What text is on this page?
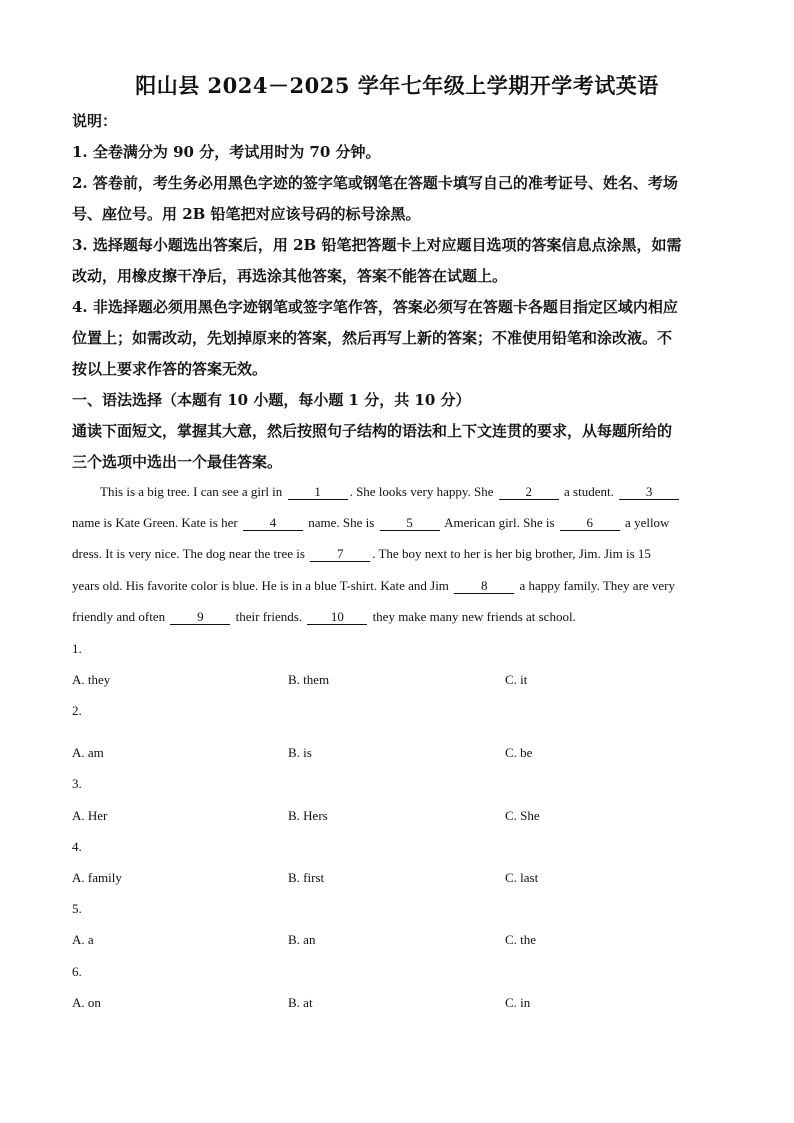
阳山县 2024－2025 学年七年级上学期开学考试英语
说明：
1. 全卷满分为 90 分，考试用时为 70 分钟。
2. 答卷前，考生务必用黑色字迹的签字笔或钢笔在答题卡填写自己的准考证号、姓名、考场
号、座位号。用 2B 铅笔把对应该号码的标号涂黑。
3. 选择题每小题选出答案后，用 2B 铅笔把答题卡上对应题目选项的答案信息点涂黑，如需
改动，用橡皮擦干净后，再选涂其他答案，答案不能答在试题上。
4. 非选择题必须用黑色字迹钢笔或签字笔作答，答案必须写在答题卡各题目指定区域内相应
位置上；如需改动，先划掉原来的答案，然后再写上新的答案；不准使用铅笔和涂改液。不
按以上要求作答的答案无效。
一、语法选择（本题有 10 小题，每小题 1 分，共 10 分）
通读下面短文，掌握其大意，然后按照句子结构的语法和上下文连贯的要求，从每题所给的
三个选项中选出一个最佳答案。
This is a big tree. I can see a girl in 1 . She looks very happy. She 2 a student. 3
name is Kate Green. Kate is her 4 name. She is 5 American girl. She is 6 a yellow
dress. It is very nice. The dog near the tree is 7 . The boy next to her is her big brother, Jim. Jim is 15
years old. His favorite color is blue. He is in a blue T-shirt. Kate and Jim 8 a happy family. They are very
friendly and often 9 their friends. 10 they make many new friends at school.
1.
A. they	B. them	C. it
2.
A. am	B. is	C. be
3.
A. Her	B. Hers	C. She
4.
A. family	B. first	C. last
5.
A. a	B. an	C. the
6.
A. on	B. at	C. in
